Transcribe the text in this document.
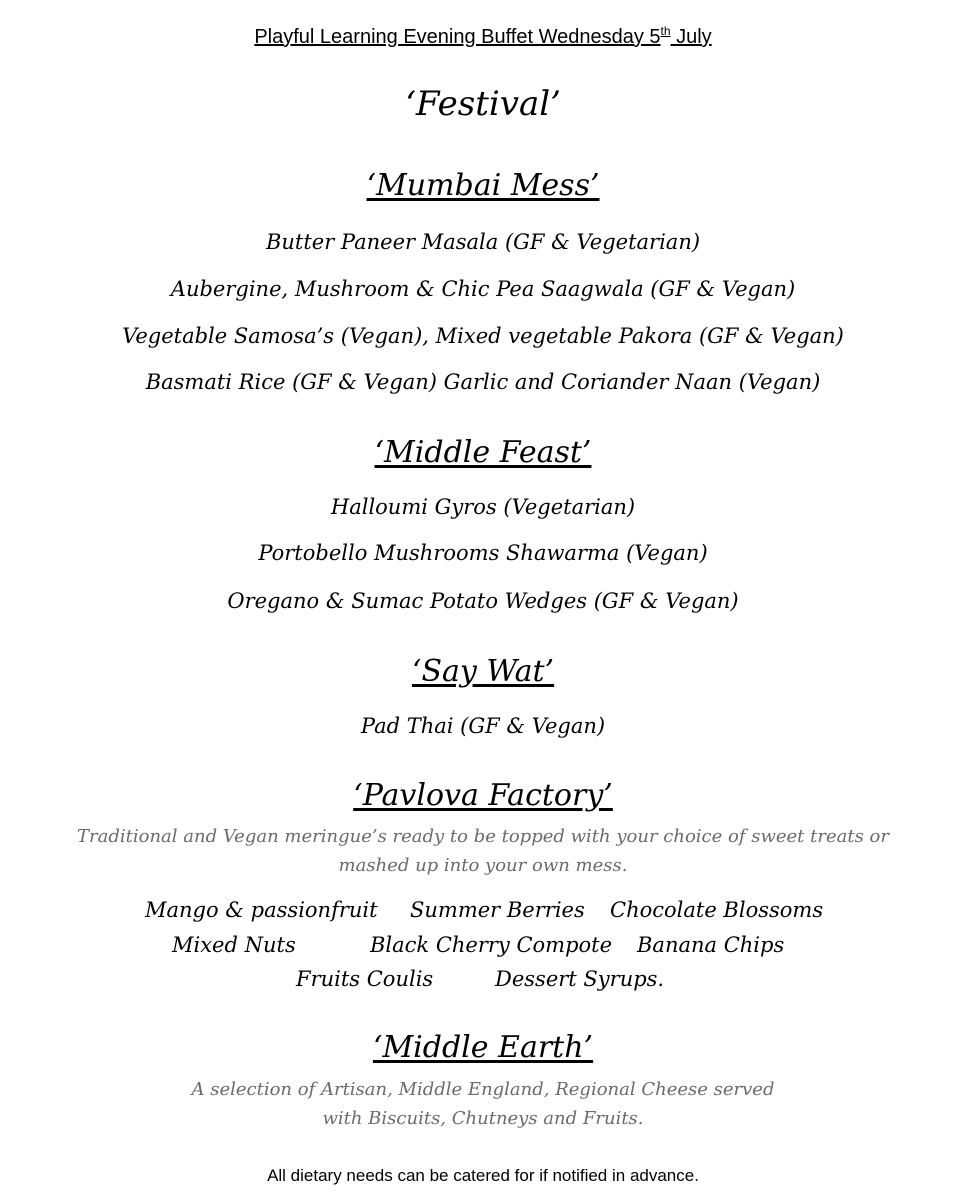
Playful Learning Evening Buffet Wednesday 5th July
‘Festival’
‘Mumbai Mess’
Butter Paneer Masala (GF & Vegetarian)
Aubergine, Mushroom & Chic Pea Saagwala (GF & Vegan)
Vegetable Samosa’s (Vegan), Mixed vegetable Pakora (GF & Vegan)
Basmati Rice (GF & Vegan) Garlic and Coriander Naan (Vegan)
‘Middle Feast’
Halloumi Gyros (Vegetarian)
Portobello Mushrooms Shawarma (Vegan)
Oregano & Sumac Potato Wedges (GF & Vegan)
‘Say Wat’
Pad Thai (GF & Vegan)
‘Pavlova Factory’
Traditional and Vegan meringue’s ready to be topped with your choice of sweet treats or
mashed up into your own mess.
Mango & passionfruit Summer Berries Chocolate Blossoms
Mixed Nuts	Black Cherry Compote Banana Chips
Fruits Coulis	Dessert Syrups.
‘Middle Earth’
A selection of Artisan, Middle England, Regional Cheese served
with Biscuits, Chutneys and Fruits.
All dietary needs can be catered for if notified in advance.
